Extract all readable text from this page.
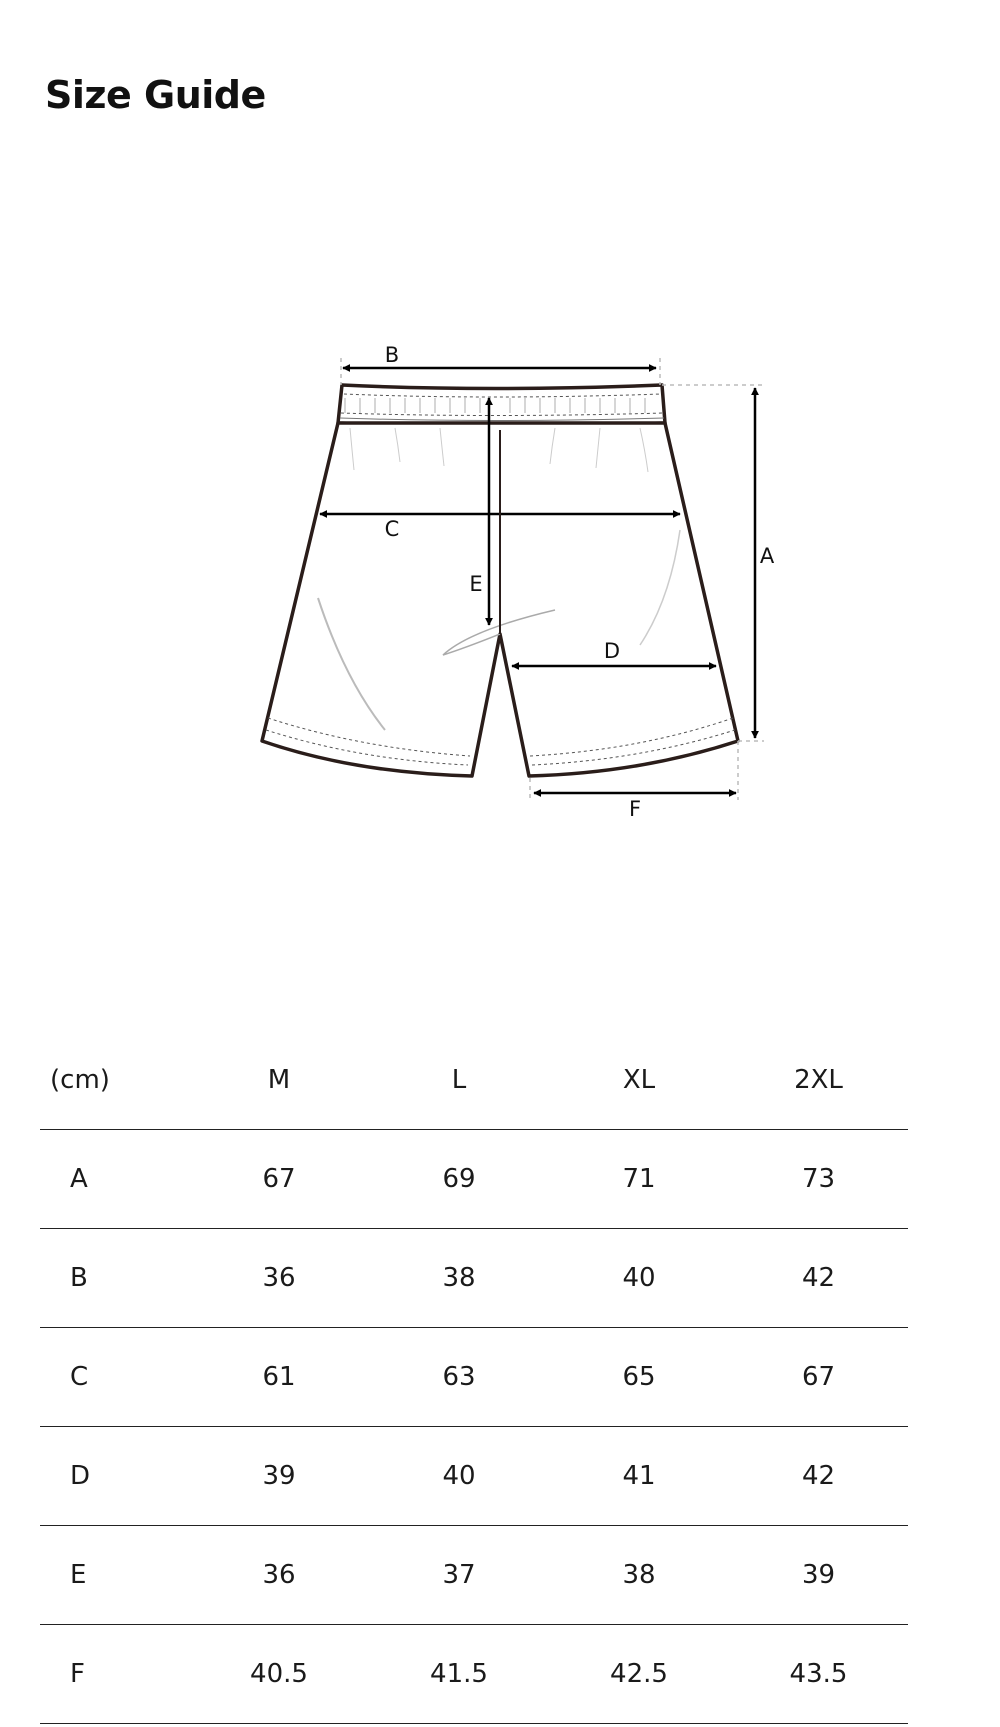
Size Guide
B
C
A
E
D
F
(cm)	M	L	XL	2XL
A	67	69	71	73
B	36	38	40	42
C	61	63	65	67
D	39	40	41	42
E	36	37	38	39
F	40.5	41.5	42.5	43.5
